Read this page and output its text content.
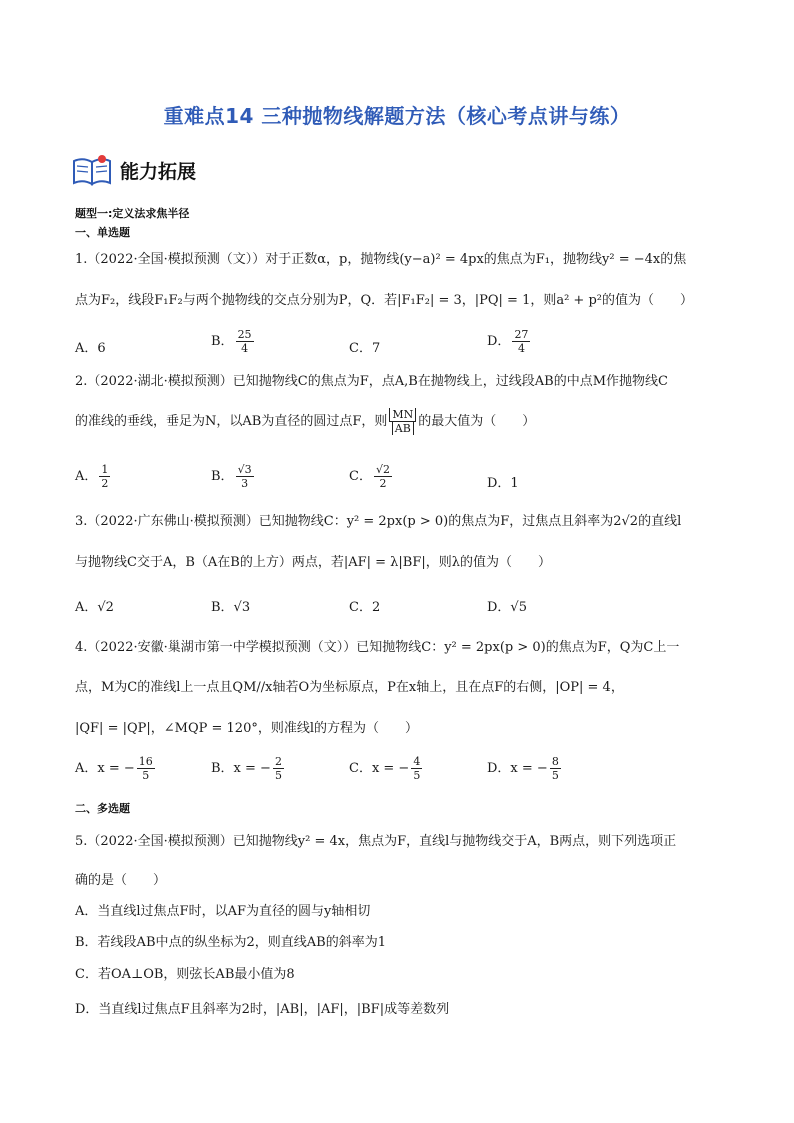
重难点14 三种抛物线解题方法（核心考点讲与练）
能力拓展
题型一:定义法求焦半径
一、单选题
1.（2022·全国·模拟预测（文））对于正数α，p，抛物线(y−a)² = 4px的焦点为F₁，抛物线y² = −4x的焦
点为F₂，线段F₁F₂与两个抛物线的交点分别为P，Q．若|F₁F₂| = 3，|PQ| = 1，则a² + p²的值为（　　）
A．6	B． $\frac{25}{4}$	C．7	D． $\frac{27}{4}$
2.（2022·湖北·模拟预测）已知抛物线C的焦点为F，点A,B在抛物线上，过线段AB的中点M作抛物线C
的准线的垂线，垂足为N，以AB为直径的圆过点F，则 $\frac{MN}{AB}$ 的最大值为（　　）
A． $\frac{1}{2}$	B． $\frac{√3}{3}$	C． $\frac{√2}{2}$	D．1
3.（2022·广东佛山·模拟预测）已知抛物线C：y² = 2px(p > 0)的焦点为F，过焦点且斜率为2√2的直线l
与抛物线C交于A，B（A在B的上方）两点，若|AF| = λ|BF|，则λ的值为（　　）
A．√2	B．√3	C．2	D．√5
4.（2022·安徽·巢湖市第一中学模拟预测（文））已知抛物线C：y² = 2px(p > 0)的焦点为F，Q为C上一
点，M为C的准线l上一点且QM//x轴若O为坐标原点，P在x轴上，且在点F的右侧，|OP| = 4，
|QF| = |QP|，∠MQP = 120°，则准线l的方程为（　　）
A．x = − $\frac{16}{5}$	B．x = − $\frac{2}{5}$	C．x = − $\frac{4}{5}$	D．x = − $\frac{8}{5}$
二、多选题
5.（2022·全国·模拟预测）已知抛物线y² = 4x，焦点为F，直线l与抛物线交于A，B两点，则下列选项正
确的是（　　）
A．当直线l过焦点F时，以AF为直径的圆与y轴相切
B．若线段AB中点的纵坐标为2，则直线AB的斜率为1
C．若OA⊥OB，则弦长AB最小值为8
D．当直线l过焦点F且斜率为2时，|AB|，|AF|，|BF|成等差数列
